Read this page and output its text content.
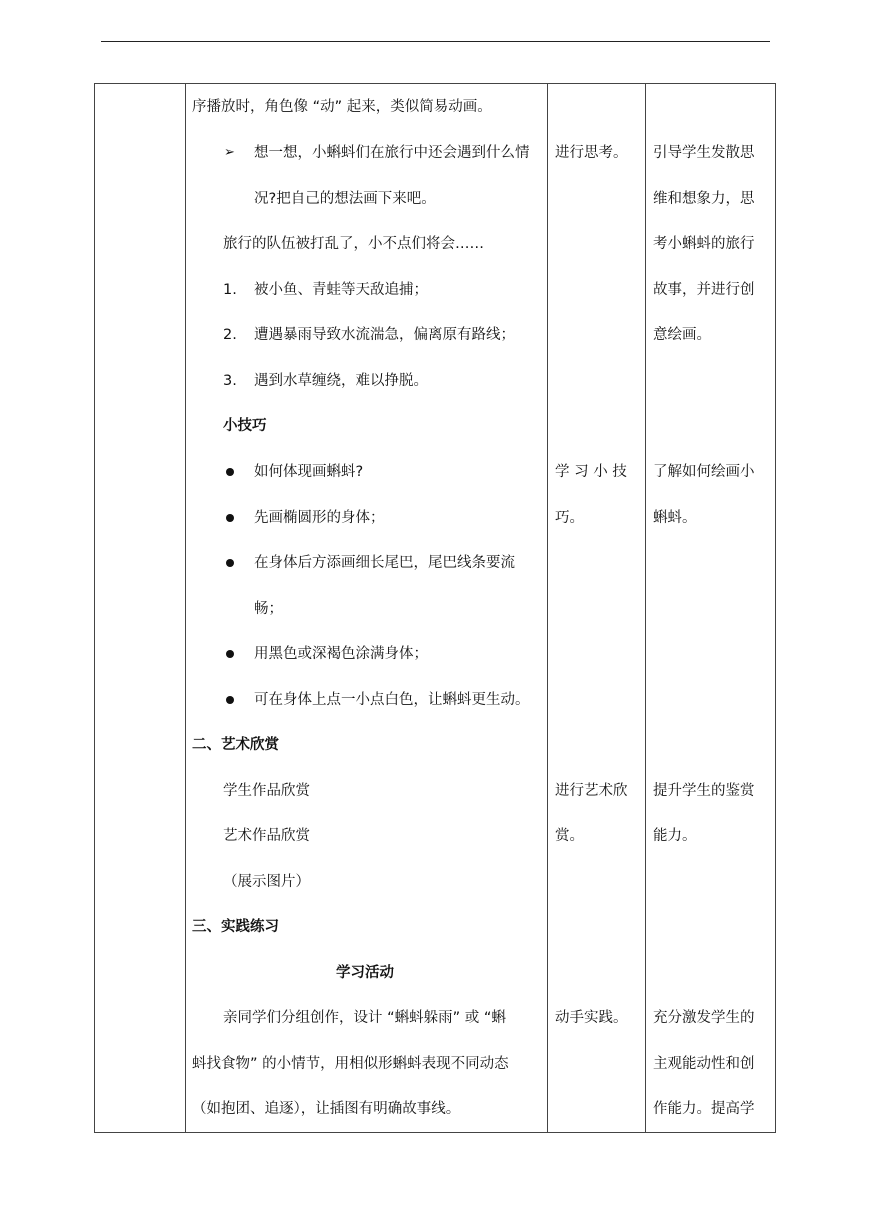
序播放时，角色像 “动” 起来，类似简易动画。
➢ 想一想，小蝌蚪们在旅行中还会遇到什么情
况?把自己的想法画下来吧。
旅行的队伍被打乱了，小不点们将会……
1. 被小鱼、青蛙等天敌追捕；
2. 遭遇暴雨导致水流湍急，偏离原有路线；
3. 遇到水草缠绕，难以挣脱。
小技巧
如何体现画蝌蚪?
先画椭圆形的身体；
在身体后方添画细长尾巴，尾巴线条要流
畅；
用黑色或深褐色涂满身体；
可在身体上点一小点白色，让蝌蚪更生动。
二、艺术欣赏
学生作品欣赏
艺术作品欣赏
（展示图片）
三、实践练习
学习活动
亲同学们分组创作，设计 “蝌蚪躲雨” 或 “蝌
蚪找食物” 的小情节，用相似形蝌蚪表现不同动态
（如抱团、追逐），让插图有明确故事线。
进行思考。
学 习 小 技
巧。
进行艺术欣
赏。
动手实践。
引导学生发散思
维和想象力，思
考小蝌蚪的旅行
故事，并进行创
意绘画。
了解如何绘画小
蝌蚪。
提升学生的鉴赏
能力。
充分激发学生的
主观能动性和创
作能力。提高学
